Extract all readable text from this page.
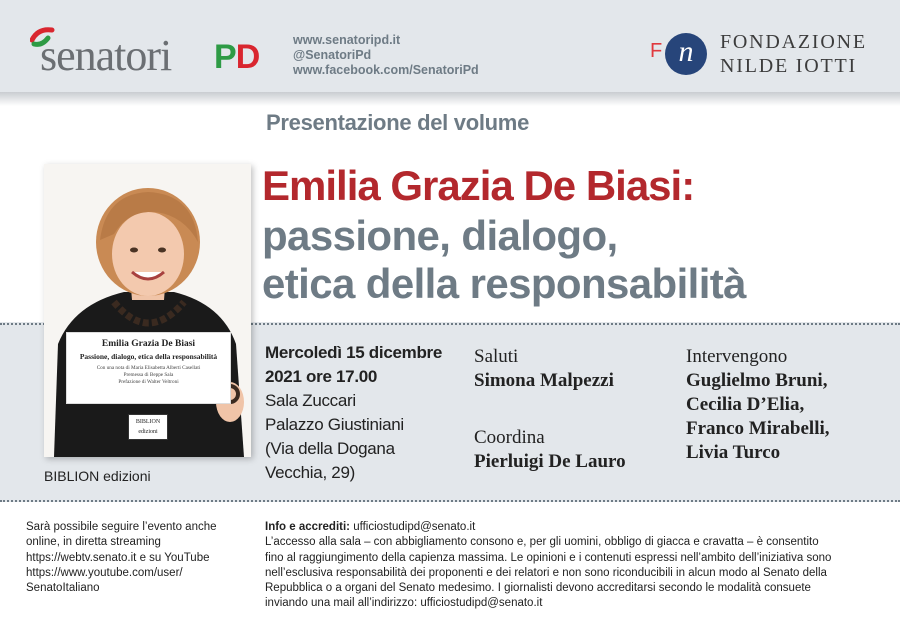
senatori PD	www.senatoripd.it
@SenatoriPd
www.facebook.com/SenatoriPd
F n	FONDAZIONE
NILDE IOTTI
Presentazione del volume
Emilia Grazia De Biasi:
passione, dialogo,
etica della responsabilità
Emilia Grazia De Biasi
Passione, dialogo, etica della responsabilità
Con una nota di Maria Elisabetta Alberti Casellati
Premessa di Beppe Sala
Prefazione di Walter Veltroni
BIBLION
edizioni
BIBLION edizioni
Mercoledì 15 dicembre
2021 ore 17.00
Sala Zuccari
Palazzo Giustiniani
(Via della Dogana
Vecchia, 29)
Saluti
Simona Malpezzi
Coordina
Pierluigi De Lauro
Intervengono
Guglielmo Bruni,
Cecilia D’Elia,
Franco Mirabelli,
Livia Turco
Sarà possibile seguire l’evento anche
online, in diretta streaming
https://webtv.senato.it e su YouTube
https://www.youtube.com/user/
SenatoItaliano
Info e accrediti: ufficiostudipd@senato.it
L’accesso alla sala – con abbigliamento consono e, per gli uomini, obbligo di giacca e cravatta – è consentito
fino al raggiungimento della capienza massima. Le opinioni e i contenuti espressi nell’ambito dell’iniziativa sono
nell’esclusiva responsabilità dei proponenti e dei relatori e non sono riconducibili in alcun modo al Senato della
Repubblica o a organi del Senato medesimo. I giornalisti devono accreditarsi secondo le modalità consuete
inviando una mail all’indirizzo: ufficiostudipd@senato.it
